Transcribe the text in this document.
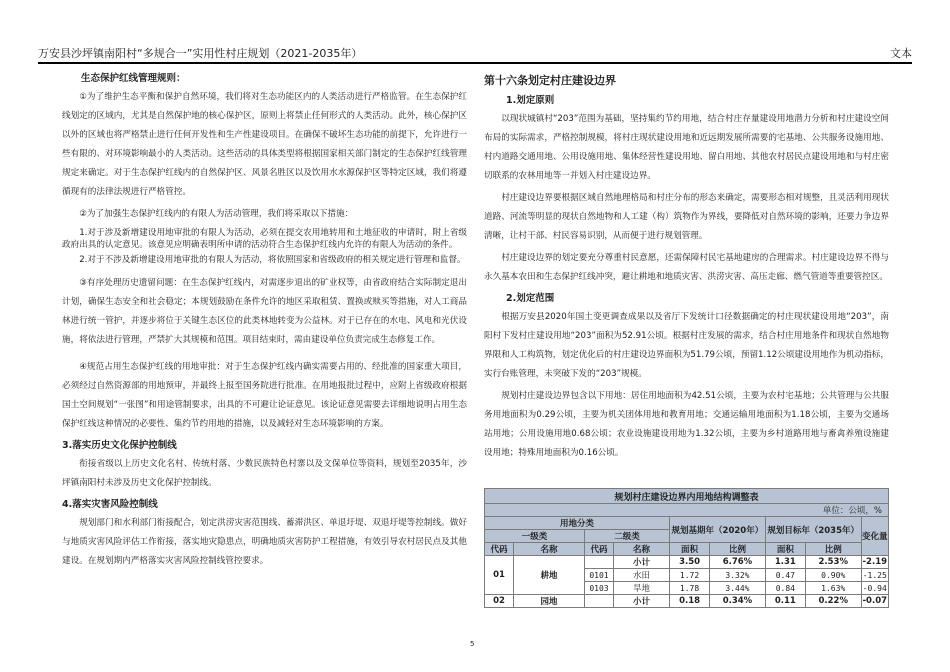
万安县沙坪镇南阳村“多规合一”实用性村庄规划（2021-2035年）	文本
生态保护红线管理规则：

①为了维护生态平衡和保护自然环境，我们将对生态功能区内的人类活动进行严格监管。在生态保护红线划定的区域内，尤其是自然保护地的核心保护区，原则上将禁止任何形式的人类活动。此外，核心保护区以外的区域也将严格禁止进行任何开发性和生产性建设项目。在确保不破坏生态功能的前提下，允许进行一些有限的、对环境影响最小的人类活动。这些活动的具体类型将根据国家相关部门制定的生态保护红线管理规定来确定。对于生态保护红线内的自然保护区、风景名胜区以及饮用水水源保护区等特定区域，我们将遵循现有的法律法规进行严格管控。

②为了加强生态保护红线内的有限人为活动管理，我们将采取以下措施：

1.对于涉及新增建设用地审批的有限人为活动，必须在提交农用地转用和土地征收的申请时，附上省级政府出具的认定意见。该意见应明确表明所申请的活动符合生态保护红线内允许的有限人为活动的条件。

2.对于不涉及新增建设用地审批的有限人为活动，将依照国家和省级政府的相关规定进行管理和监督。

③有序处理历史遗留问题：在生态保护红线内，对需逐步退出的矿业权等，由省政府结合实际制定退出计划，确保生态安全和社会稳定；本规划鼓励在条件允许的地区采取租赁、置换或赎买等措施，对人工商品林进行统一管护，并逐步将位于关键生态区位的此类林地转变为公益林。对于已存在的水电、风电和光伏设施，将依法进行管理，严禁扩大其规模和范围。项目结束时，需由建设单位负责完成生态修复工作。

④规范占用生态保护红线的用地审批：对于生态保护红线内确实需要占用的、经批准的国家重大项目，必须经过自然资源部的用地预审，并最终上报至国务院进行批准。在用地报批过程中，应附上省级政府根据国土空间规划“一张图”和用途管制要求，出具的不可避让论证意见。该论证意见需要去详细地说明占用生态保护红线这种情况的必要性、集约节约用地的措施，以及减轻对生态环境影响的方案。

3.落实历史文化保护控制线

衔接省级以上历史文化名村、传统村落、少数民族特色村寨以及文保单位等资料，规划至2035年，沙坪镇南阳村未涉及历史文化保护控制线。

4.落实灾害风险控制线

规划部门和水利部门衔接配合，划定洪涝灾害范围线、蓄滞洪区、单退圩堤、双退圩堤等控制线。做好与地质灾害风险评估工作衔接，落实地灾隐患点，明确地质灾害防护工程措施，有效引导农村居民点及其他建设。在规划期内严格落实灾害风险控制线管控要求。

第十六条划定村庄建设边界
1.划定原则

以现状城镇村“203”范围为基础，坚持集约节约用地，结合村庄存量建设用地潜力分析和村庄建设空间布局的实际需求，严格控制规模，将村庄现状建设用地和近远期发展所需要的宅基地、公共服务设施用地、村内道路交通用地、公用设施用地、集体经营性建设用地、留白用地、其他农村居民点建设用地和与村庄密切联系的农林用地等一并划入村庄建设边界。

村庄建设边界要根据区域自然地理格局和村庄分布的形态来确定，需要形态相对规整，且灵活利用现状道路、河流等明显的现状自然地物和人工建（构）筑物作为界线，要降低对自然环境的影响，还要力争边界清晰，让村干部、村民容易识别，从而便于进行规划管理。

村庄建设边界的划定要充分尊重村民意愿，还需保障村民宅基地建房的合理需求。村庄建设边界不得与永久基本农田和生态保护红线冲突，避让耕地和地质灾害、洪涝灾害、高压走廊、燃气管道等重要管控区。

2.划定范围

根据万安县2020年国土变更调查成果以及省厅下发统计口径数据确定的村庄现状建设用地“203”，南阳村下发村庄建设用地“203”面积为52.91公顷。根据村庄发展的需求，结合村庄用地条件和现状自然地物界限和人工构筑物，划定优化后的村庄建设边界面积为51.79公顷，预留1.12公顷建设用地作为机动指标，实行台账管理，未突破下发的“203”规模。

规划村庄建设边界包含以下用地：居住用地面积为42.51公顷，主要为农村宅基地；公共管理与公共服务用地面积为0.29公顷，主要为机关团体用地和教育用地；交通运输用地面积为1.18公顷，主要为交通场站用地；公用设施用地0.68公顷；农业设施建设用地为1.32公顷，主要为乡村道路用地与畜禽养殖设施建设用地；特殊用地面积为0.16公顷。

规划村庄建设边界内用地结构调整表								
单位：公顷，%								
用地分类				规划基期年（2020年）		规划目标年（2035年）		变化量
一级类		二级类						
代码	名称	代码	名称	面积	比例	面积	比例	
01	耕地		小计	3.50	6.76%	1.31	2.53%	-2.19
		0101	水田	1.72	3.32%	0.47	0.90%	-1.25
		0103	旱地	1.78	3.44%	0.84	1.63%	-0.94
02	园地		小计	0.18	0.34%	0.11	0.22%	-0.07
5
